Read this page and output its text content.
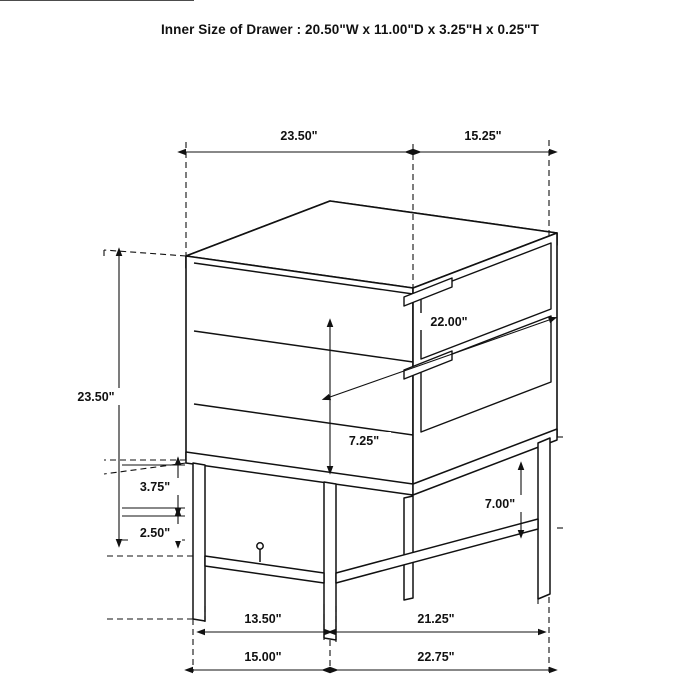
Inner Size of Drawer : 20.50"W x 11.00"D x 3.25"H x 0.25"T
23.50"	15.25"
23.50"
22.00"
7.25"
3.75"
2.50"
7.00"
13.50"	21.25"
15.00"	22.75"
